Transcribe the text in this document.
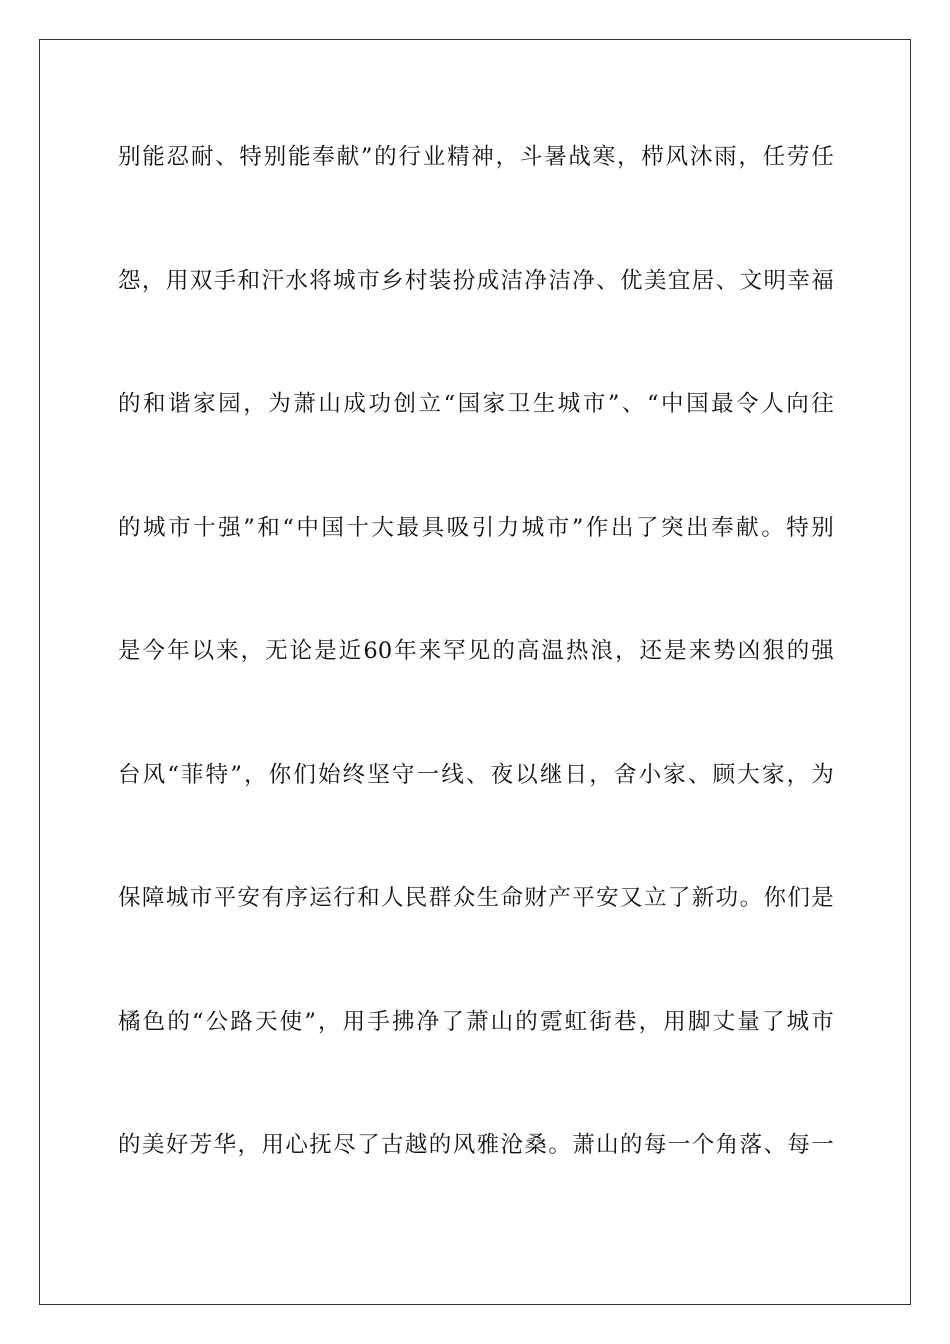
别能忍耐、特别能奉献”的行业精神，斗暑战寒，栉风沐雨，任劳任
怨，用双手和汗水将城市乡村装扮成洁净洁净、优美宜居、文明幸福
的和谐家园，为萧山成功创立“国家卫生城市”、“中国最令人向往
的城市十强”和“中国十大最具吸引力城市”作出了突出奉献。特别
是今年以来，无论是近60年来罕见的高温热浪，还是来势凶狠的强
台风“菲特”，你们始终坚守一线、夜以继日，舍小家、顾大家，为
保障城市平安有序运行和人民群众生命财产平安又立了新功。你们是
橘色的“公路天使”，用手拂净了萧山的霓虹街巷，用脚丈量了城市
的美好芳华，用心抚尽了古越的风雅沧桑。萧山的每一个角落、每一
